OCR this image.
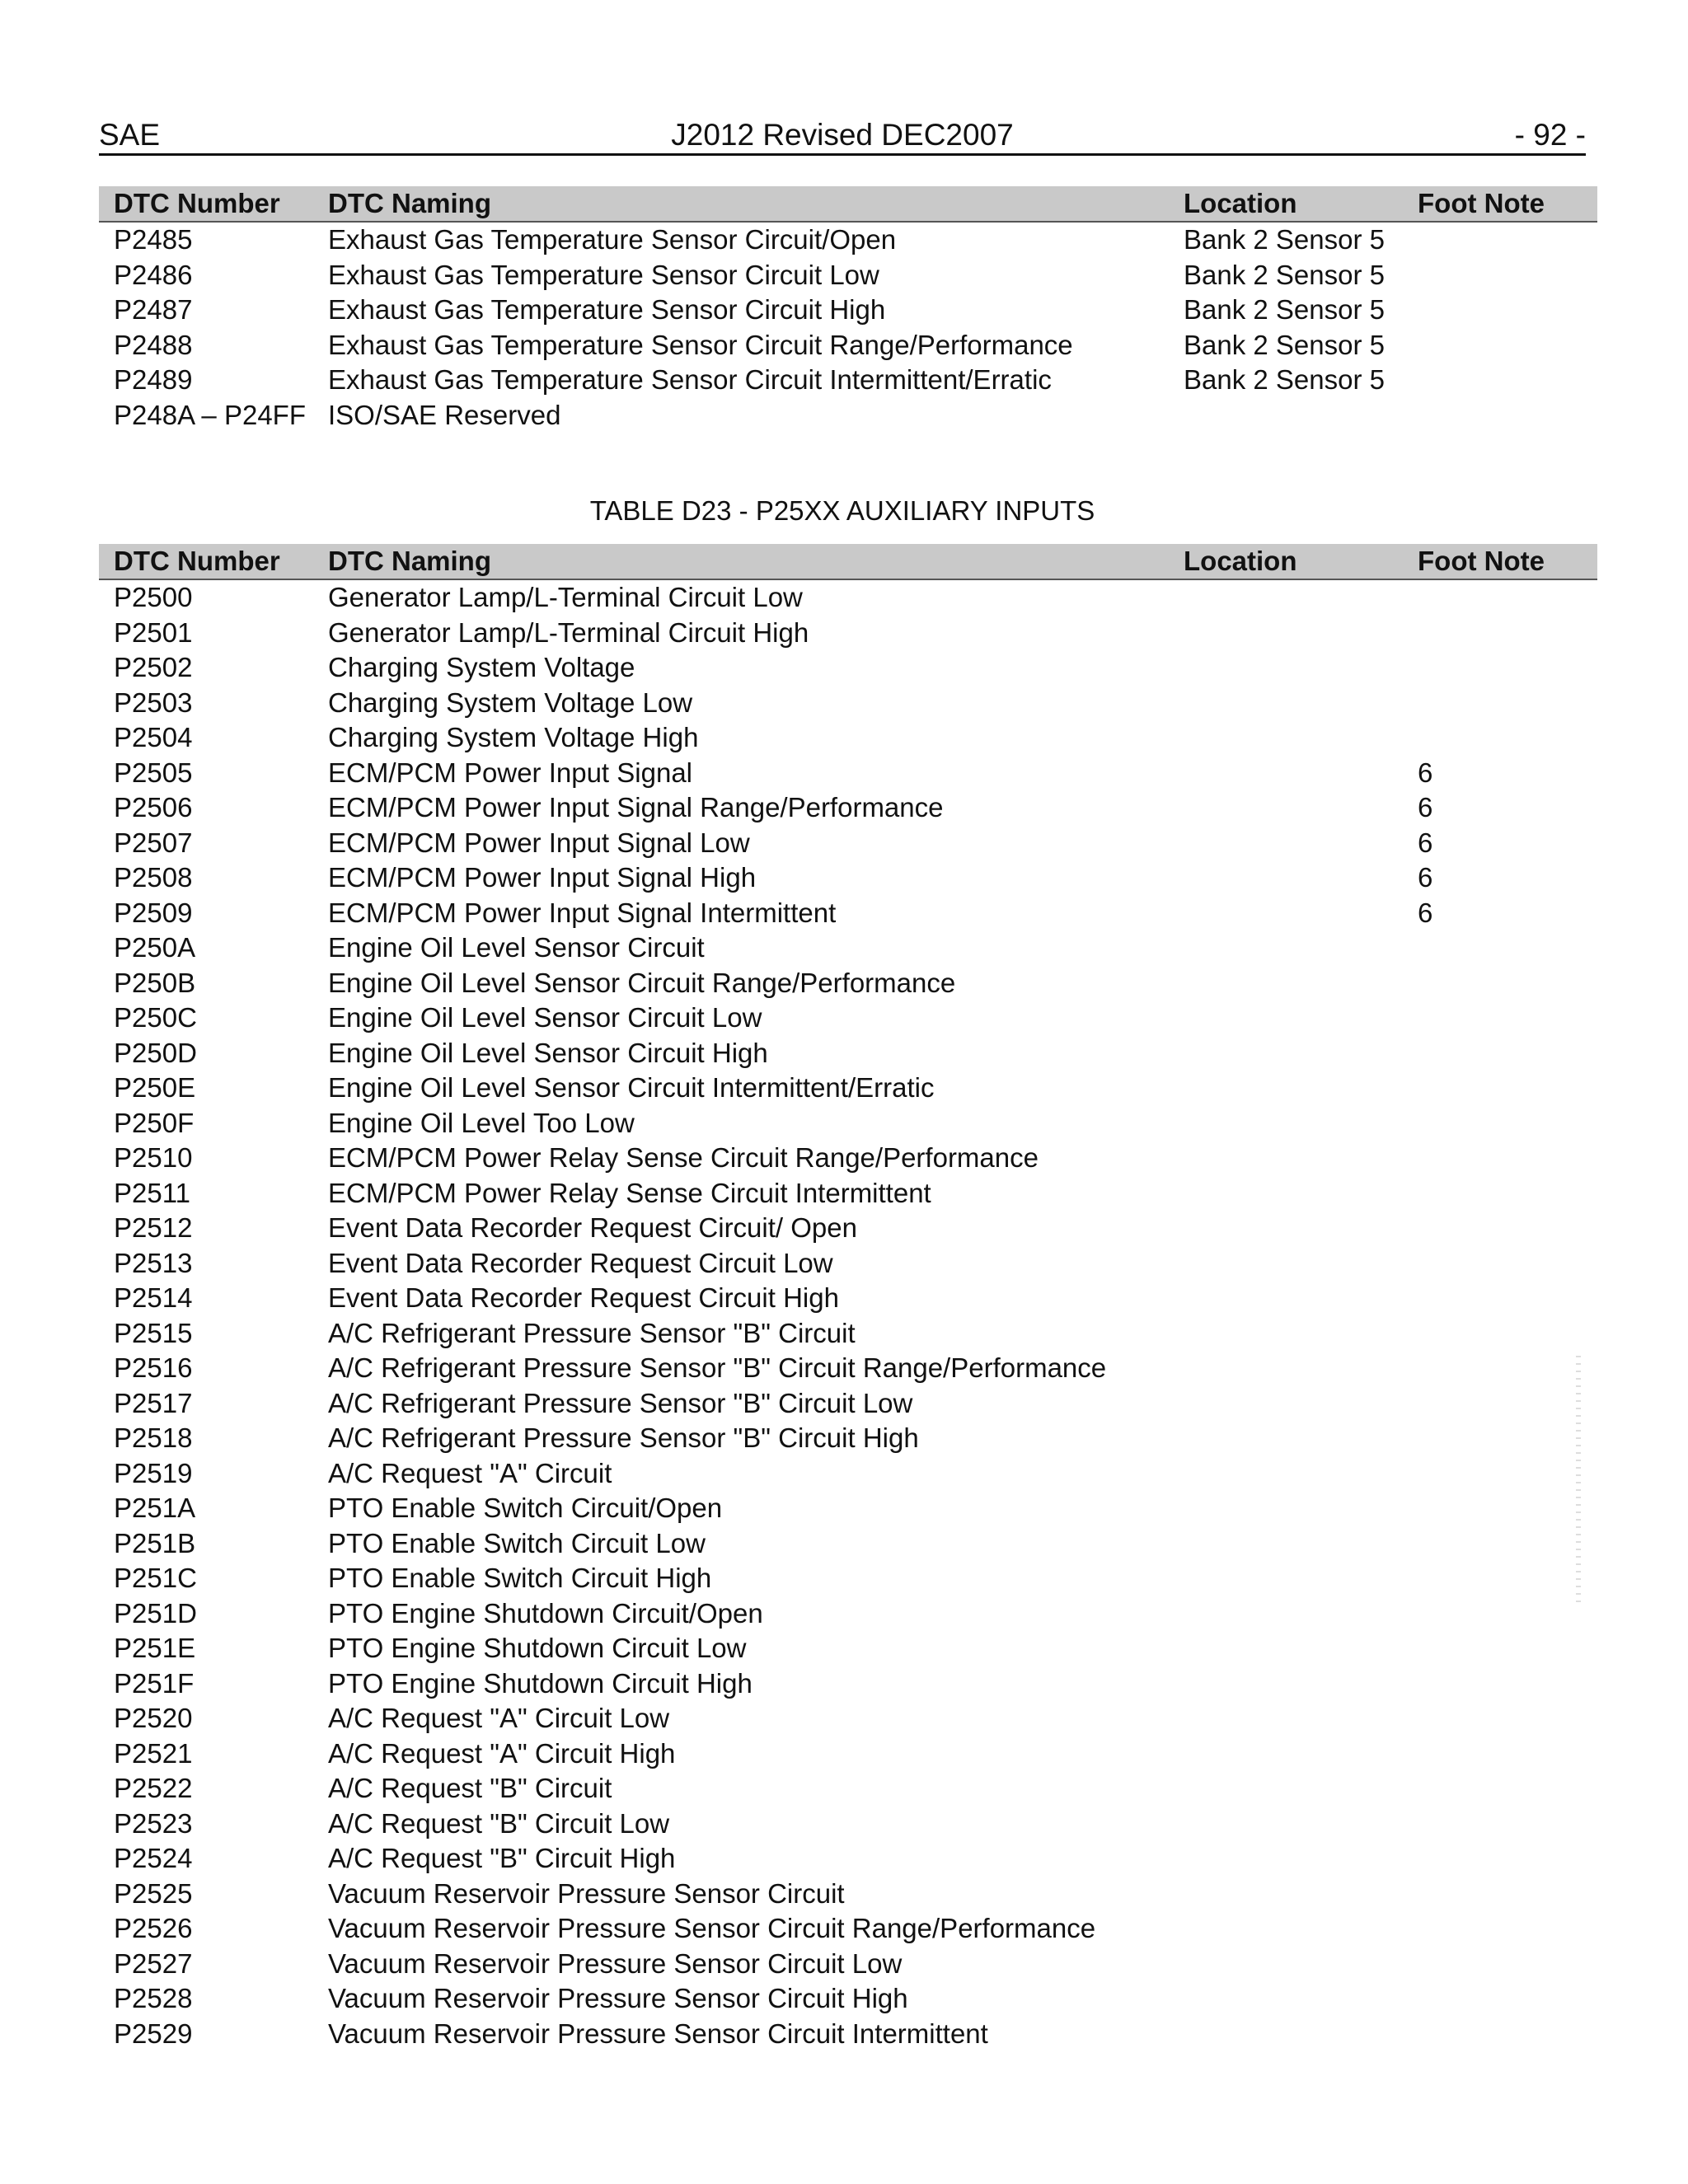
SAE	J2012 Revised DEC2007	- 92 -
DTC Number	DTC Naming	Location	Foot Note
P2485	Exhaust Gas Temperature Sensor Circuit/Open	Bank 2 Sensor 5	
P2486	Exhaust Gas Temperature Sensor Circuit Low	Bank 2 Sensor 5	
P2487	Exhaust Gas Temperature Sensor Circuit High	Bank 2 Sensor 5	
P2488	Exhaust Gas Temperature Sensor Circuit Range/Performance	Bank 2 Sensor 5	
P2489	Exhaust Gas Temperature Sensor Circuit Intermittent/Erratic	Bank 2 Sensor 5	
P248A – P24FF	ISO/SAE Reserved		
TABLE D23 - P25XX AUXILIARY INPUTS
DTC Number	DTC Naming	Location	Foot Note
P2500	Generator Lamp/L-Terminal Circuit Low		
P2501	Generator Lamp/L-Terminal Circuit High		
P2502	Charging System Voltage		
P2503	Charging System Voltage Low		
P2504	Charging System Voltage High		
P2505	ECM/PCM Power Input Signal		6
P2506	ECM/PCM Power Input Signal Range/Performance		6
P2507	ECM/PCM Power Input Signal Low		6
P2508	ECM/PCM Power Input Signal High		6
P2509	ECM/PCM Power Input Signal Intermittent		6
P250A	Engine Oil Level Sensor Circuit		
P250B	Engine Oil Level Sensor Circuit Range/Performance		
P250C	Engine Oil Level Sensor Circuit Low		
P250D	Engine Oil Level Sensor Circuit High		
P250E	Engine Oil Level Sensor Circuit Intermittent/Erratic		
P250F	Engine Oil Level Too Low		
P2510	ECM/PCM Power Relay Sense Circuit Range/Performance		
P2511	ECM/PCM Power Relay Sense Circuit Intermittent		
P2512	Event Data Recorder Request Circuit/ Open		
P2513	Event Data Recorder Request Circuit Low		
P2514	Event Data Recorder Request Circuit High		
P2515	A/C Refrigerant Pressure Sensor "B" Circuit		
P2516	A/C Refrigerant Pressure Sensor "B" Circuit Range/Performance		
P2517	A/C Refrigerant Pressure Sensor "B" Circuit Low		
P2518	A/C Refrigerant Pressure Sensor "B" Circuit High		
P2519	A/C Request "A" Circuit		
P251A	PTO Enable Switch Circuit/Open		
P251B	PTO Enable Switch Circuit Low		
P251C	PTO Enable Switch Circuit High		
P251D	PTO Engine Shutdown Circuit/Open		
P251E	PTO Engine Shutdown Circuit Low		
P251F	PTO Engine Shutdown Circuit High		
P2520	A/C Request "A" Circuit Low		
P2521	A/C Request "A" Circuit High		
P2522	A/C Request "B" Circuit		
P2523	A/C Request "B" Circuit Low		
P2524	A/C Request "B" Circuit High		
P2525	Vacuum Reservoir Pressure Sensor Circuit		
P2526	Vacuum Reservoir Pressure Sensor Circuit Range/Performance		
P2527	Vacuum Reservoir Pressure Sensor Circuit Low		
P2528	Vacuum Reservoir Pressure Sensor Circuit High		
P2529	Vacuum Reservoir Pressure Sensor Circuit Intermittent		
